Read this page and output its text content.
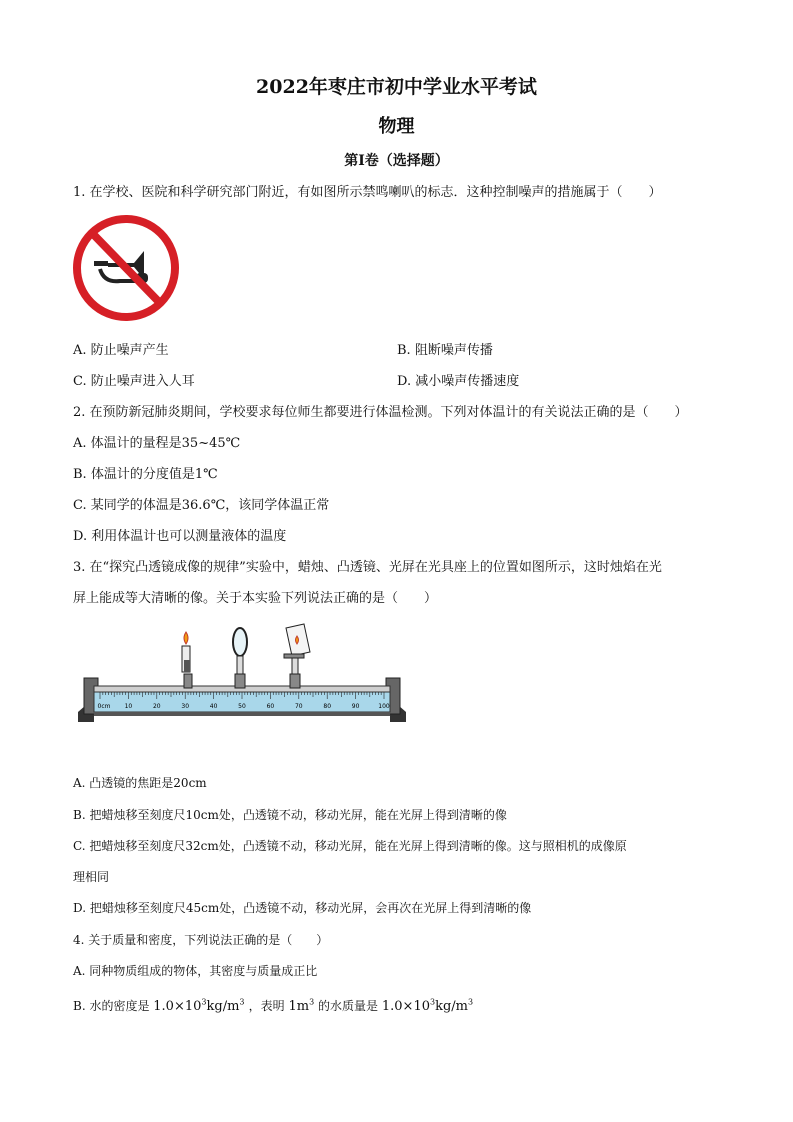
2022年枣庄市初中学业水平考试
物理
第I卷（选择题）
1. 在学校、医院和科学研究部门附近，有如图所示禁鸣喇叭的标志．这种控制噪声的措施属于（　　）
A. 防止噪声产生	B. 阻断噪声传播
C. 防止噪声进入人耳	D. 减小噪声传播速度
2. 在预防新冠肺炎期间，学校要求每位师生都要进行体温检测。下列对体温计的有关说法正确的是（　　）
A. 体温计的量程是35~45℃
B. 体温计的分度值是1℃
C. 某同学的体温是36.6℃，该同学体温正常
D. 利用体温计也可以测量液体的温度
3. 在“探究凸透镜成像的规律”实验中，蜡烛、凸透镜、光屏在光具座上的位置如图所示，这时烛焰在光
屏上能成等大清晰的像。关于本实验下列说法正确的是（　　）
0cm 10	20	30	40	50	60	70	80	90	100
A. 凸透镜的焦距是20cm
B. 把蜡烛移至刻度尺10cm处，凸透镜不动，移动光屏，能在光屏上得到清晰的像
C. 把蜡烛移至刻度尺32cm处，凸透镜不动，移动光屏，能在光屏上得到清晰的像。这与照相机的成像原
理相同
D. 把蜡烛移至刻度尺45cm处，凸透镜不动，移动光屏，会再次在光屏上得到清晰的像
4. 关于质量和密度，下列说法正确的是（　　）
A. 同种物质组成的物体，其密度与质量成正比
B. 水的密度是 $1.0\times 10^3kg/m^3$ ，表明 $1m^3$ 的水质量是 $1.0\times 10^3kg/m^3$
